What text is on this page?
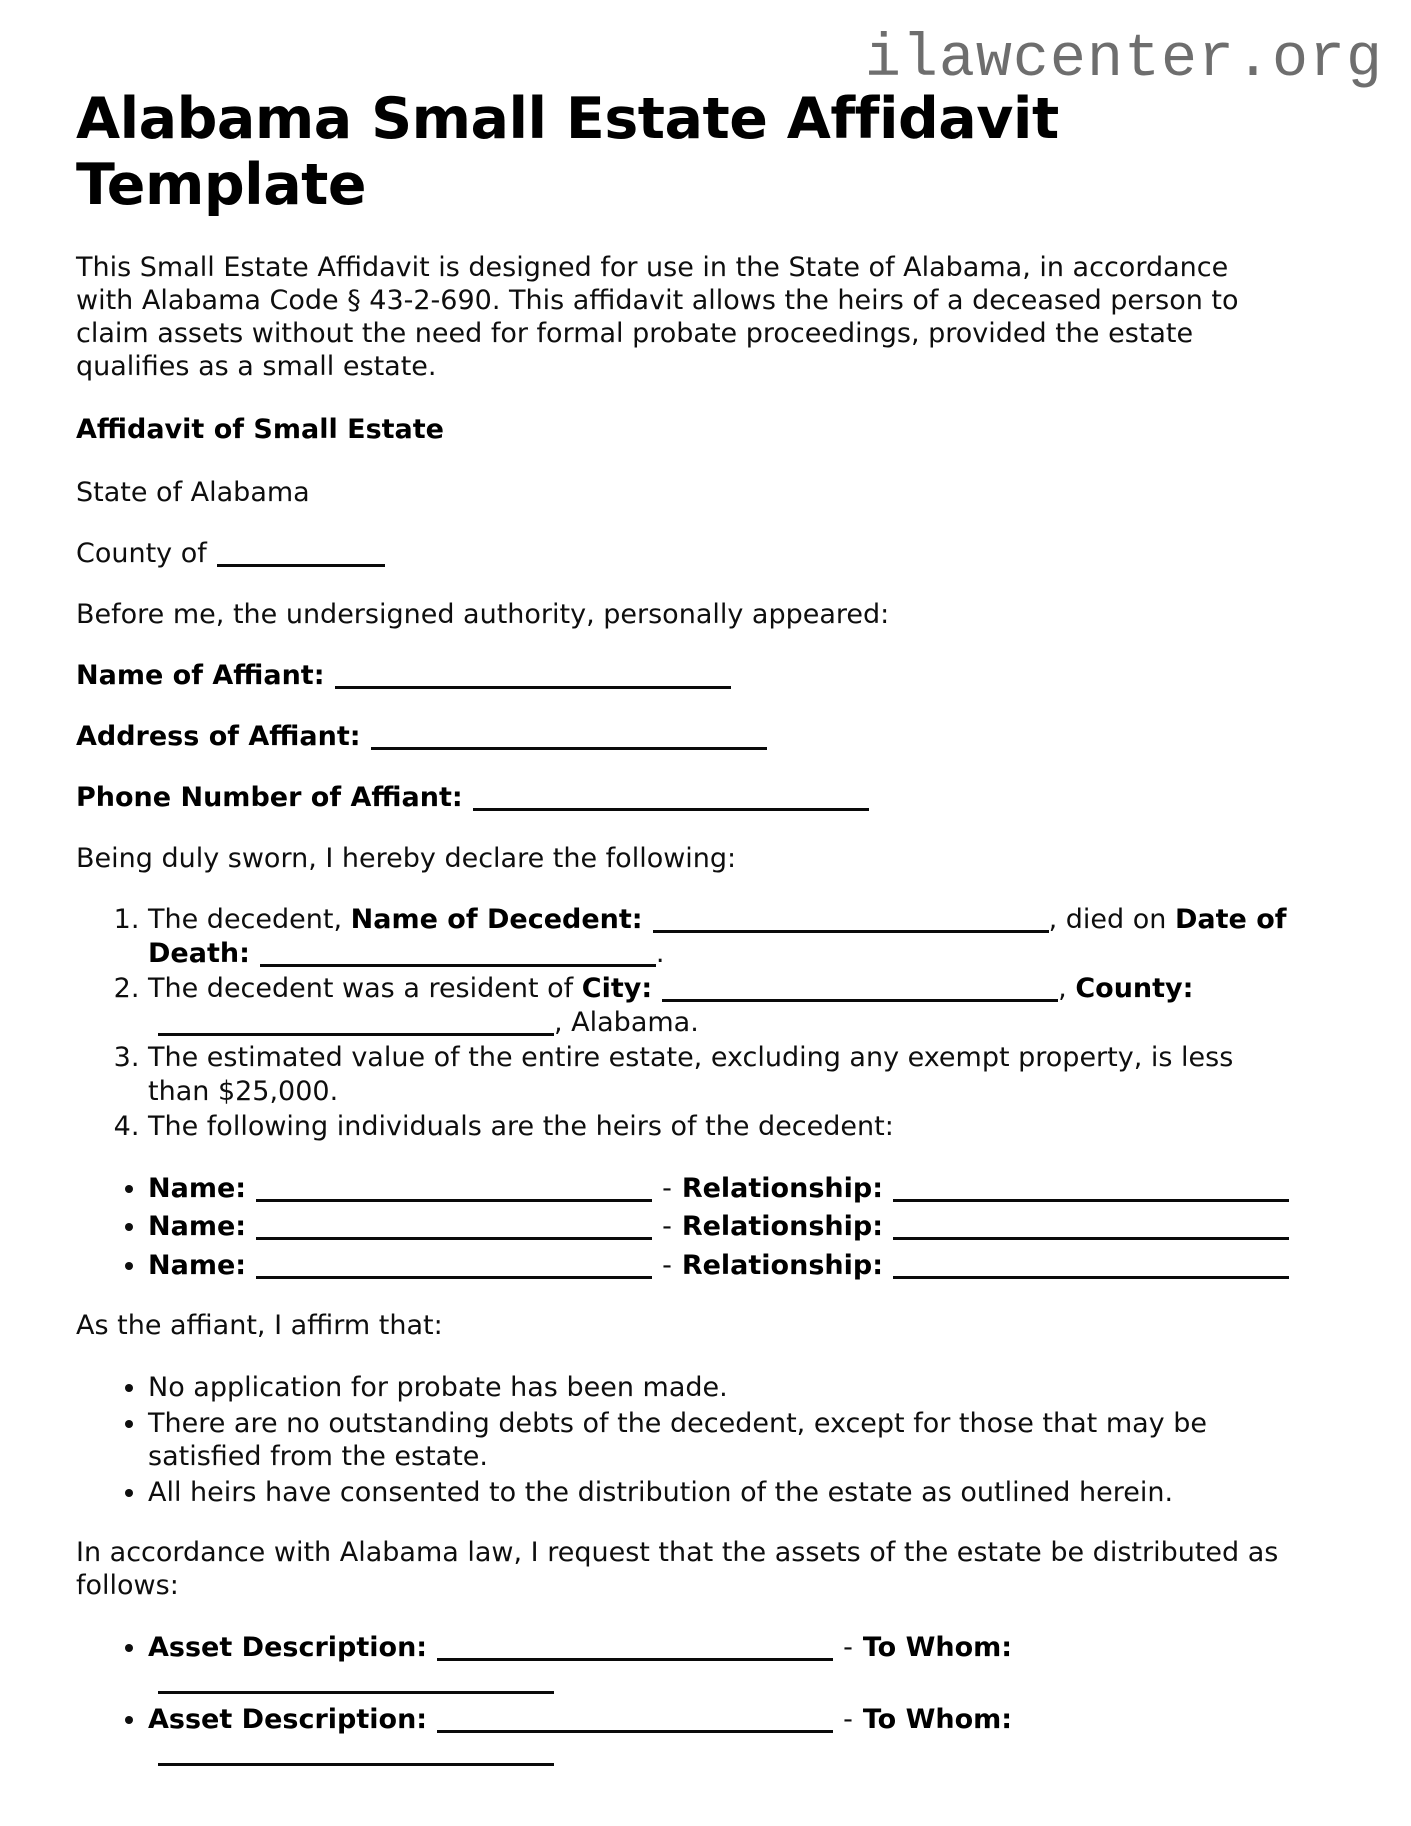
ilawcenter.org
Alabama Small Estate Affidavit Template

This Small Estate Affidavit is designed for use in the State of Alabama, in accordance with Alabama Code § 43-2-690. This affidavit allows the heirs of a deceased person to claim assets without the need for formal probate proceedings, provided the estate qualifies as a small estate.

Affidavit of Small Estate

State of Alabama

County of

Before me, the undersigned authority, personally appeared:

Name of Affiant:

Address of Affiant:

Phone Number of Affiant:

Being duly sworn, I hereby declare the following:

1. The decedent, Name of Decedent:	, died on Date of Death:	.
2. The decedent was a resident of City:	, County:, Alabama.
3. The estimated value of the entire estate, excluding any exempt property, is less than $25,000.
4. The following individuals are the heirs of the decedent:
• Name:	- Relationship:
• Name:	- Relationship:
• Name:	- Relationship:

As the affiant, I affirm that:

• No application for probate has been made.
• There are no outstanding debts of the decedent, except for those that may be satisfied from the estate.
• All heirs have consented to the distribution of the estate as outlined herein.

In accordance with Alabama law, I request that the assets of the estate be distributed as follows:

• Asset Description:	- To Whom:
• Asset Description:	- To Whom:
